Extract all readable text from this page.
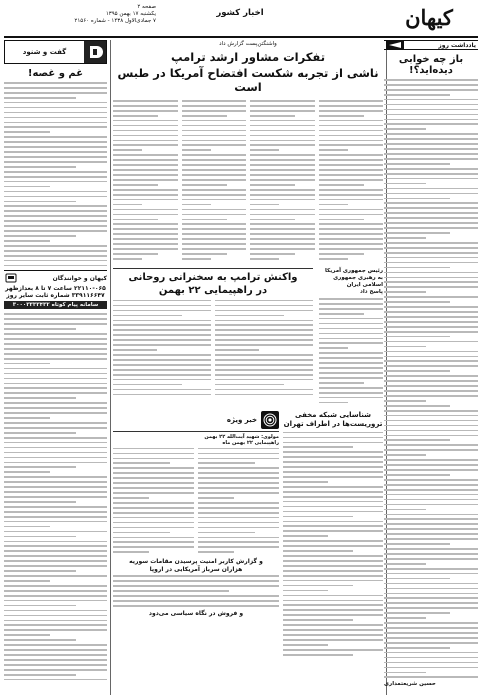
صفحه ۲
یکشنبه ۱۷ بهمن ۱۳۹۵
۷ جمادی‌الاول ۱۴۳۸ - شماره ۲۱۵۶۰
اخبار کشور	کیهان
یادداشت روز
باز چه خوابی دیده‌اید؟!
حسین شریعتمداری
واشنگتن‌پست گزارش داد
تفکرات مشاور ارشد ترامپ
ناشی از تجربه شکست افتضاح آمریکا در طبس است
رئیس جمهوری آمریکا به رهبری جمهوری اسلامی ایران
پاسخ داد
واکنش ترامپ به سخنرانی روحانی
در راهپیمایی ۲۲ بهمن
شناسایی شبکه مخفی تروریست‌ها در اطراف تهران
خبر ویژه
مولوی: شهید آیت‌الله ۲۲ بهمن
راهپیمایی ۲۲ بهمن ماه
و گزارش کاربر امنیت پرسیدن مقامات سوریه
هزاران سرباز آمریکایی در اروپا
و فروش در نگاه سیاسی می‌دود
گفت و شنود
غم و غصه!
کیهان و خوانندگان
۲۲۱۱۰-۰۶۵ ساعت ۷ تا ۸ بعدازظهر
۳۳۹۱۱۶۶۴۷ شماره ثابت سایر روز
سامانه پیام کوتاه ۳۰۰۰۳۳۳۳۴۳۲
